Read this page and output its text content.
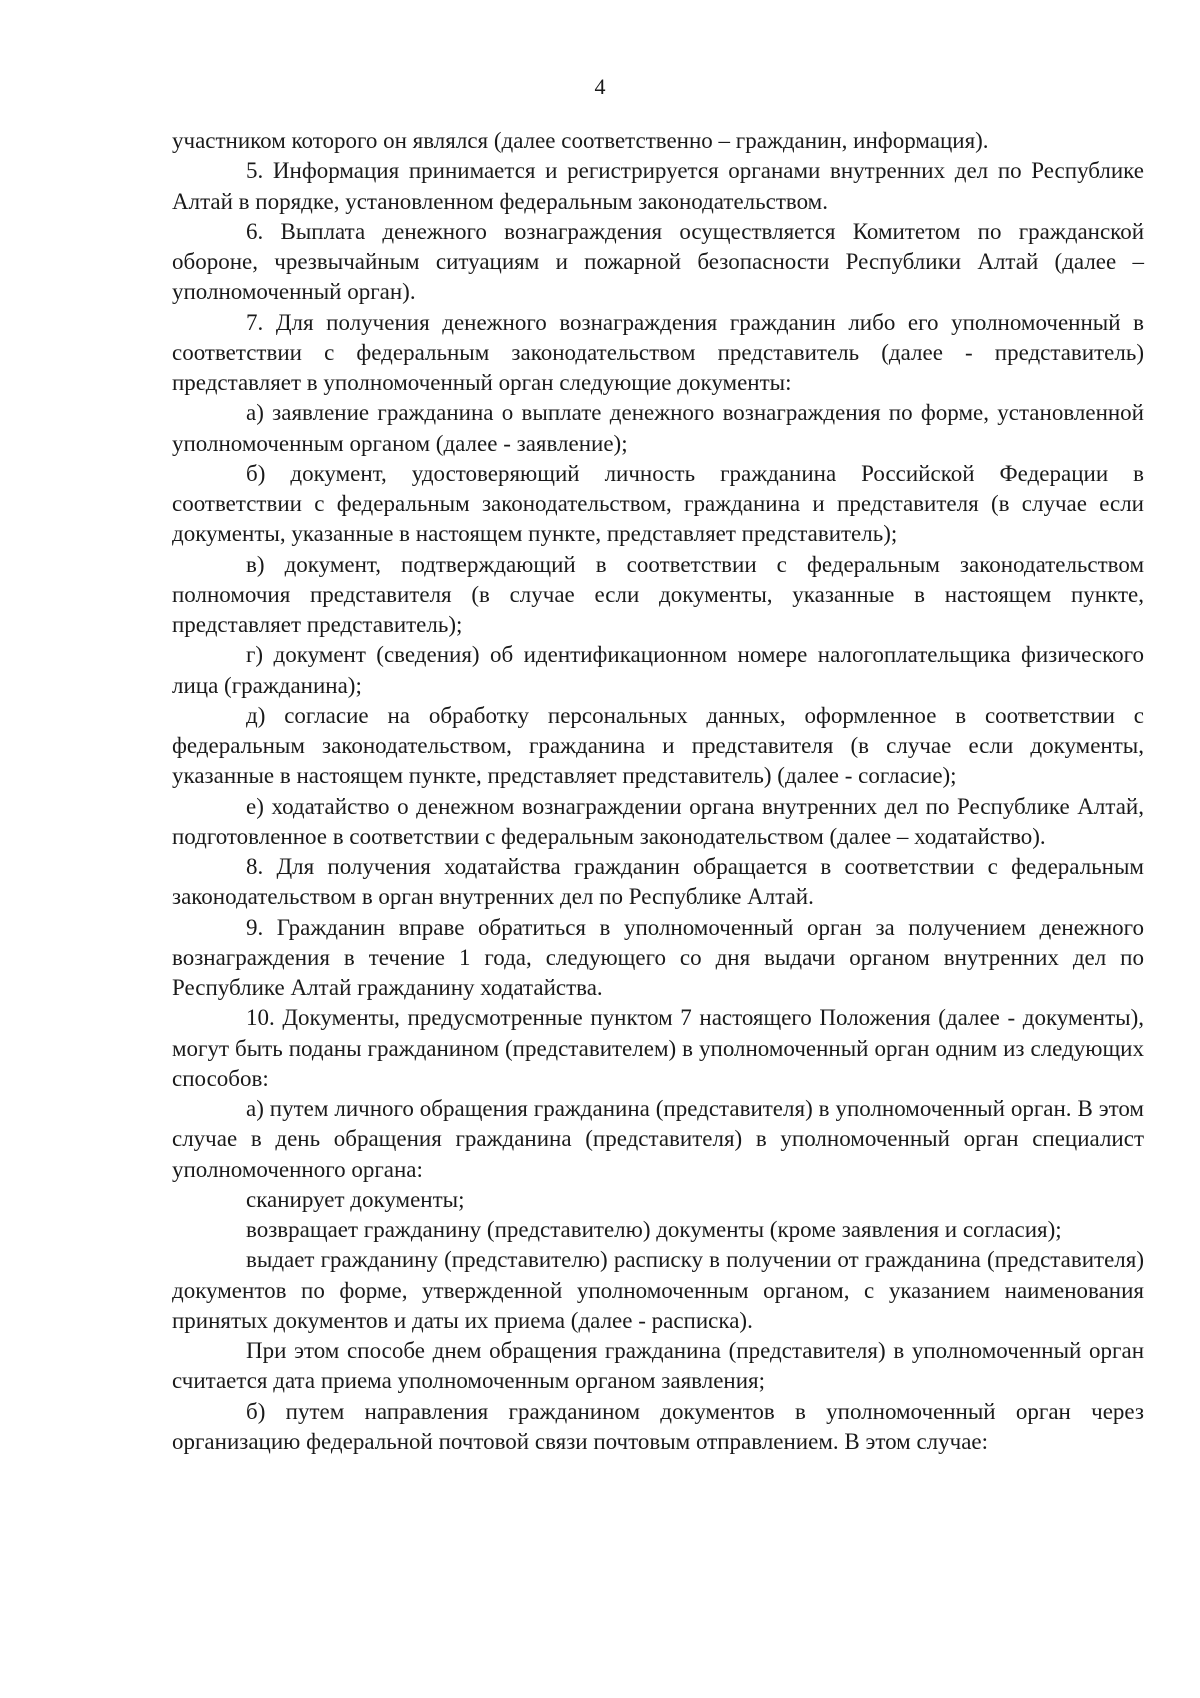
4

участником которого он являлся (далее соответственно – гражданин, информация).

5. Информация принимается и регистрируется органами внутренних дел по Республике Алтай в порядке, установленном федеральным законодательством.

6. Выплата денежного вознаграждения осуществляется Комитетом по гражданской обороне, чрезвычайным ситуациям и пожарной безопасности Республики Алтай (далее – уполномоченный орган).

7. Для получения денежного вознаграждения гражданин либо его уполномоченный в соответствии с федеральным законодательством представитель (далее - представитель) представляет в уполномоченный орган следующие документы:

а) заявление гражданина о выплате денежного вознаграждения по форме, установленной уполномоченным органом (далее - заявление);

б) документ, удостоверяющий личность гражданина Российской Федерации в соответствии с федеральным законодательством, гражданина и представителя (в случае если документы, указанные в настоящем пункте, представляет представитель);

в) документ, подтверждающий в соответствии с федеральным законодательством полномочия представителя (в случае если документы, указанные в настоящем пункте, представляет представитель);

г) документ (сведения) об идентификационном номере налогоплательщика физического лица (гражданина);

д) согласие на обработку персональных данных, оформленное в соответствии с федеральным законодательством, гражданина и представителя (в случае если документы, указанные в настоящем пункте, представляет представитель) (далее - согласие);

е) ходатайство о денежном вознаграждении органа внутренних дел по Республике Алтай, подготовленное в соответствии с федеральным законодательством (далее – ходатайство).

8. Для получения ходатайства гражданин обращается в соответствии с федеральным законодательством в орган внутренних дел по Республике Алтай.

9. Гражданин вправе обратиться в уполномоченный орган за получением денежного вознаграждения в течение 1 года, следующего со дня выдачи органом внутренних дел по Республике Алтай гражданину ходатайства.

10. Документы, предусмотренные пунктом 7 настоящего Положения (далее - документы), могут быть поданы гражданином (представителем) в уполномоченный орган одним из следующих способов:

а) путем личного обращения гражданина (представителя) в уполномоченный орган. В этом случае в день обращения гражданина (представителя) в уполномоченный орган специалист уполномоченного органа:

сканирует документы;

возвращает гражданину (представителю) документы (кроме заявления и согласия);

выдает гражданину (представителю) расписку в получении от гражданина (представителя) документов по форме, утвержденной уполномоченным органом, с указанием наименования принятых документов и даты их приема (далее - расписка).

При этом способе днем обращения гражданина (представителя) в уполномоченный орган считается дата приема уполномоченным органом заявления;

б) путем направления гражданином документов в уполномоченный орган через организацию федеральной почтовой связи почтовым отправлением. В этом случае:
